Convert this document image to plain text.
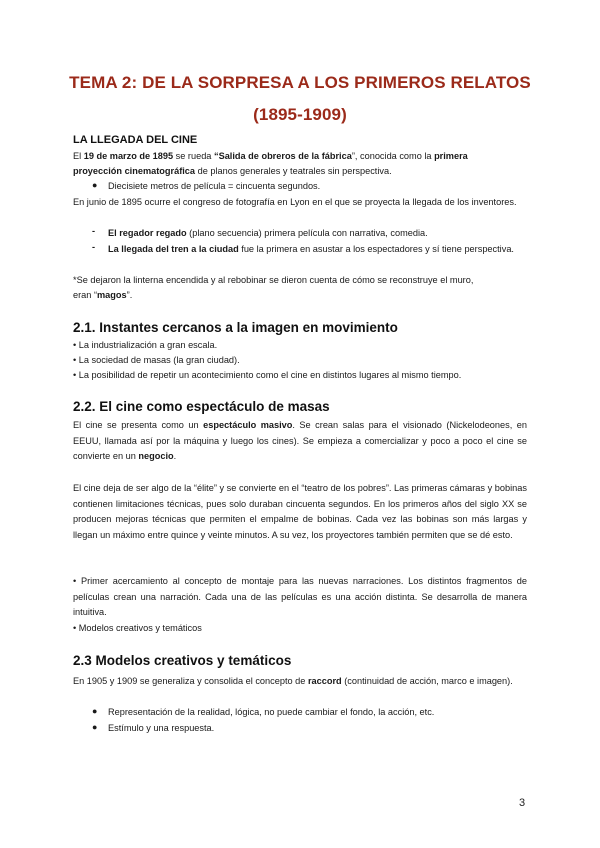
TEMA 2: DE LA SORPRESA A LOS PRIMEROS RELATOS
(1895-1909)
LA LLEGADA DEL CINE
El 19 de marzo de 1895 se rueda “Salida de obreros de la fábrica”, conocida como la primera
proyección cinematográfica de planos generales y teatrales sin perspectiva.
● Diecisiete metros de película = cincuenta segundos.
En junio de 1895 ocurre el congreso de fotografía en Lyon en el que se proyecta la llegada de los inventores.
- El regador regado (plano secuencia) primera película con narrativa, comedia.
- La llegada del tren a la ciudad fue la primera en asustar a los espectadores y sí tiene perspectiva.
*Se dejaron la linterna encendida y al rebobinar se dieron cuenta de cómo se reconstruye el muro,
eran “magos”.
2.1. Instantes cercanos a la imagen en movimiento
• La industrialización a gran escala.
• La sociedad de masas (la gran ciudad).
• La posibilidad de repetir un acontecimiento como el cine en distintos lugares al mismo tiempo.
2.2. El cine como espectáculo de masas
El cine se presenta como un espectáculo masivo. Se crean salas para el visionado (Nickelodeones, en EEUU, llamada así por la máquina y luego los cines). Se empieza a comercializar y poco a poco el cine se convierte en un negocio.
El cine deja de ser algo de la “élite” y se convierte en el “teatro de los pobres”. Las primeras cámaras y bobinas contienen limitaciones técnicas, pues solo duraban cincuenta segundos. En los primeros años del siglo XX se producen mejoras técnicas que permiten el empalme de bobinas. Cada vez las bobinas son más largas y llegan un máximo entre quince y veinte minutos. A su vez, los proyectores también permiten que se dé esto.
• Primer acercamiento al concepto de montaje para las nuevas narraciones. Los distintos fragmentos de películas crean una narración. Cada una de las películas es una acción distinta. Se desarrolla de manera intuitiva.
• Modelos creativos y temáticos
2.3 Modelos creativos y temáticos
En 1905 y 1909 se generaliza y consolida el concepto de raccord (continuidad de acción, marco e imagen).
● Representación de la realidad, lógica, no puede cambiar el fondo, la acción, etc.
● Estímulo y una respuesta.
3
